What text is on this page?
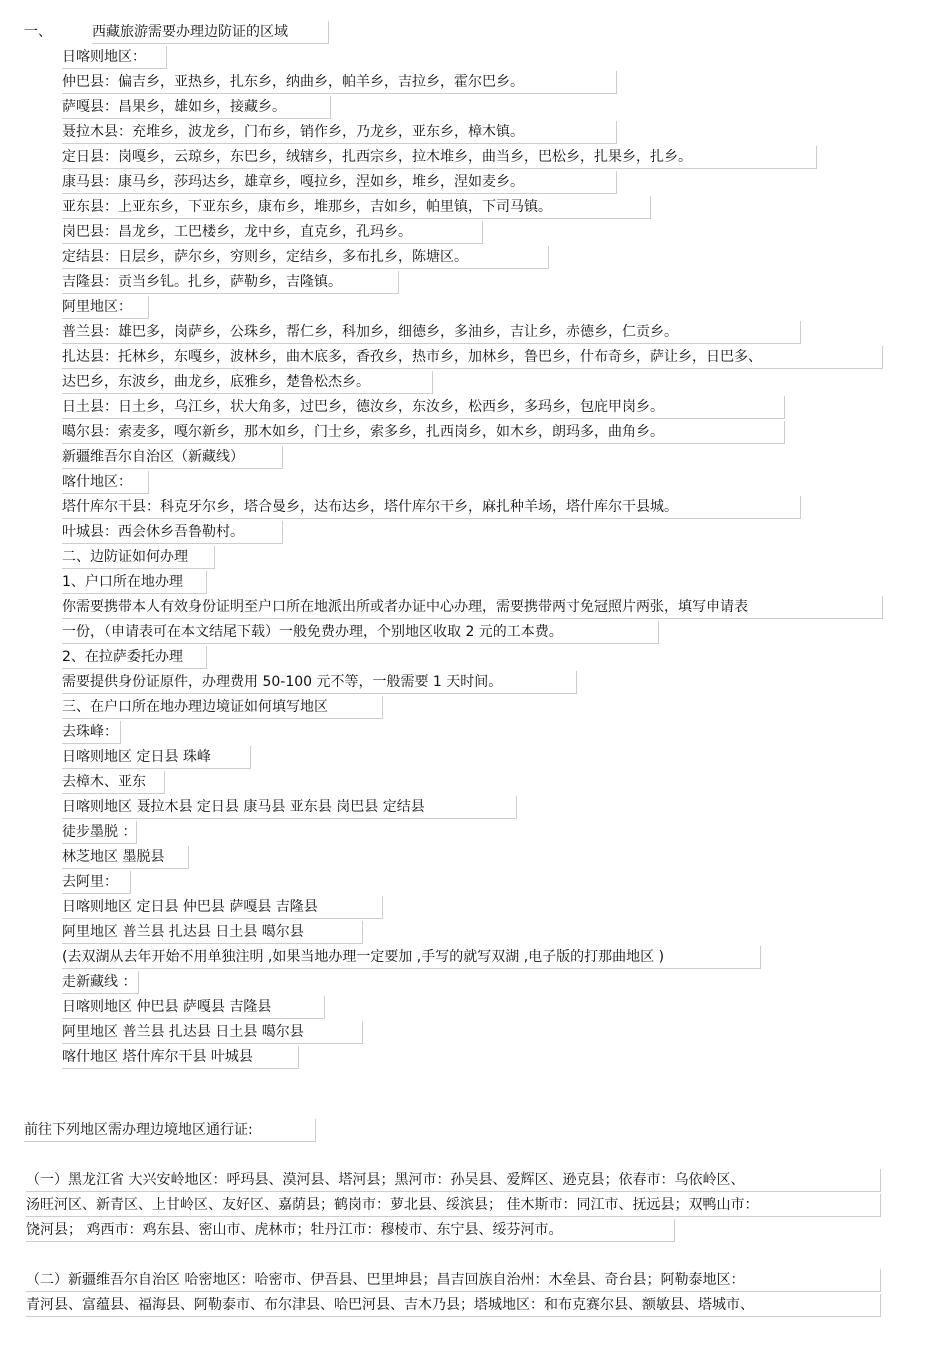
一、	西藏旅游需要办理边防证的区域
日喀则地区：
仲巴县：偏吉乡，亚热乡，扎东乡，纳曲乡，帕羊乡，吉拉乡，霍尔巴乡。
萨嘎县：昌果乡，雄如乡，接藏乡。
聂拉木县：充堆乡，波龙乡，门布乡，销作乡，乃龙乡，亚东乡，樟木镇。
定日县：岗嘎乡，云琼乡，东巴乡，绒辖乡，扎西宗乡，拉木堆乡，曲当乡，巴松乡，扎果乡，扎乡。
康马县：康马乡，莎玛达乡，雄章乡，嘎拉乡，涅如乡，堆乡，涅如麦乡。
亚东县：上亚东乡，下亚东乡，康布乡，堆那乡，吉如乡，帕里镇，下司马镇。
岗巴县：昌龙乡，工巴楼乡，龙中乡，直克乡，孔玛乡。
定结县：日层乡，萨尔乡，穷则乡，定结乡，多布扎乡，陈塘区。
吉隆县：贡当乡钆。扎乡，萨勒乡，吉隆镇。
阿里地区：
普兰县：雄巴多，岗萨乡，公珠乡，帮仁乡，科加乡，细德乡，多油乡，吉让乡，赤德乡，仁贡乡。
扎达县：托林乡，东嘎乡，波林乡，曲木底多，香孜乡，热市乡，加林乡，鲁巴乡，什布奇乡，萨让乡，日巴多、
达巴乡，东波乡，曲龙乡，底雅乡，楚鲁松杰乡。
日土县：日土乡，乌江乡，状大角多，过巴乡，德汝乡，东汝乡，松西乡，多玛乡，包庇甲岗乡。
噶尔县：索麦多，嘎尔新乡，那木如乡，门士乡，索多乡，扎西岗乡，如木乡，朗玛多，曲角乡。
新疆维吾尔自治区（新藏线）
喀什地区：
塔什库尔干县：科克牙尔乡，塔合曼乡，达布达乡，塔什库尔干乡，麻扎种羊场，塔什库尔干县城。
叶城县：西会休乡吾鲁勒村。
二、边防证如何办理
1、户口所在地办理
你需要携带本人有效身份证明至户口所在地派出所或者办证中心办理，需要携带两寸免冠照片两张，填写申请表
一份，（申请表可在本文结尾下载）一般免费办理，个别地区收取 2 元的工本费。
2、在拉萨委托办理
需要提供身份证原件，办理费用 50-100 元不等，一般需要 1 天时间。
三、在户口所在地办理边境证如何填写地区
去珠峰：
日喀则地区 定日县 珠峰
去樟木、亚东
日喀则地区 聂拉木县 定日县 康马县 亚东县 岗巴县 定结县
徒步墨脱 ：
林芝地区 墨脱县
去阿里：
日喀则地区 定日县 仲巴县 萨嘎县 吉隆县
阿里地区 普兰县 扎达县 日土县 噶尔县
(去双湖从去年开始不用单独注明 ,如果当地办理一定要加 ,手写的就写双湖 ,电子版的打那曲地区 )
走新藏线 ：
日喀则地区 仲巴县 萨嘎县 吉隆县
阿里地区 普兰县 扎达县 日土县 噶尔县
喀什地区 塔什库尔干县 叶城县
前往下列地区需办理边境地区通行证:
（一）黑龙江省 大兴安岭地区：呼玛县、漠河县、塔河县；黑河市：孙吴县、爱辉区、逊克县；依春市：乌依岭区、
汤旺河区、新青区、上甘岭区、友好区、嘉荫县；鹤岗市：萝北县、绥滨县； 佳木斯市：同江市、抚远县；双鸭山市：
饶河县； 鸡西市：鸡东县、密山市、虎林市；牡丹江市：穆棱市、东宁县、绥芬河市。
（二）新疆维吾尔自治区 哈密地区：哈密市、伊吾县、巴里坤县；昌吉回族自治州：木垒县、奇台县；阿勒泰地区：
青河县、富蕴县、福海县、阿勒泰市、布尔津县、哈巴河县、吉木乃县；塔城地区：和布克赛尔县、额敏县、塔城市、
